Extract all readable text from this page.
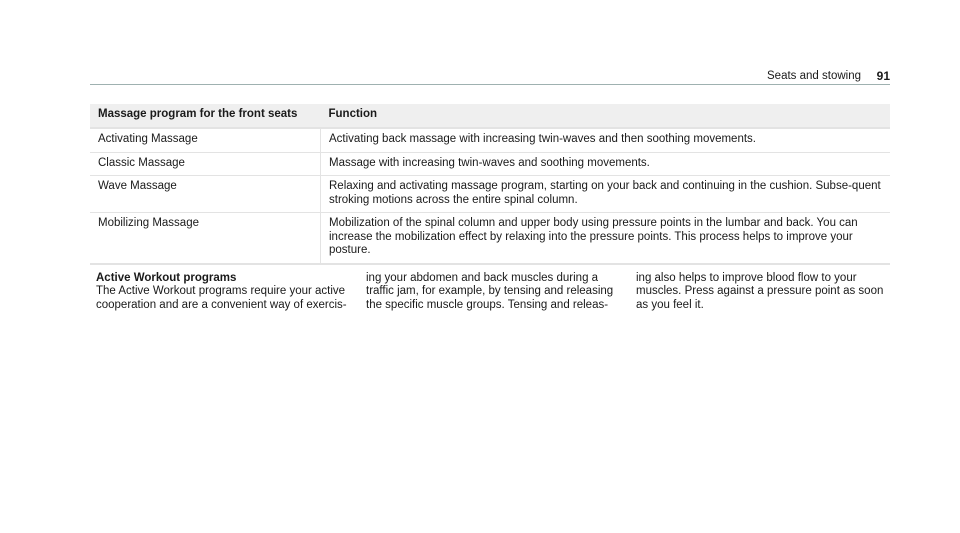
Seats and stowing 91
Massage program for the front seats	Function
Activating Massage	Activating back massage with increasing twin-waves and then soothing movements.
Classic Massage	Massage with increasing twin-waves and soothing movements.
Wave Massage	Relaxing and activating massage program, starting on your back and continuing in the cushion. Subse-quent stroking motions across the entire spinal column.
Mobilizing Massage	Mobilization of the spinal column and upper body using pressure points in the lumbar and back. You can increase the mobilization effect by relaxing into the pressure points. This process helps to improve your posture.
Active Workout programs
The Active Workout programs require your active cooperation and are a convenient way of exercis-
ing your abdomen and back muscles during a traffic jam, for example, by tensing and releasing the specific muscle groups. Tensing and releas-
ing also helps to improve blood flow to your muscles. Press against a pressure point as soon as you feel it.
